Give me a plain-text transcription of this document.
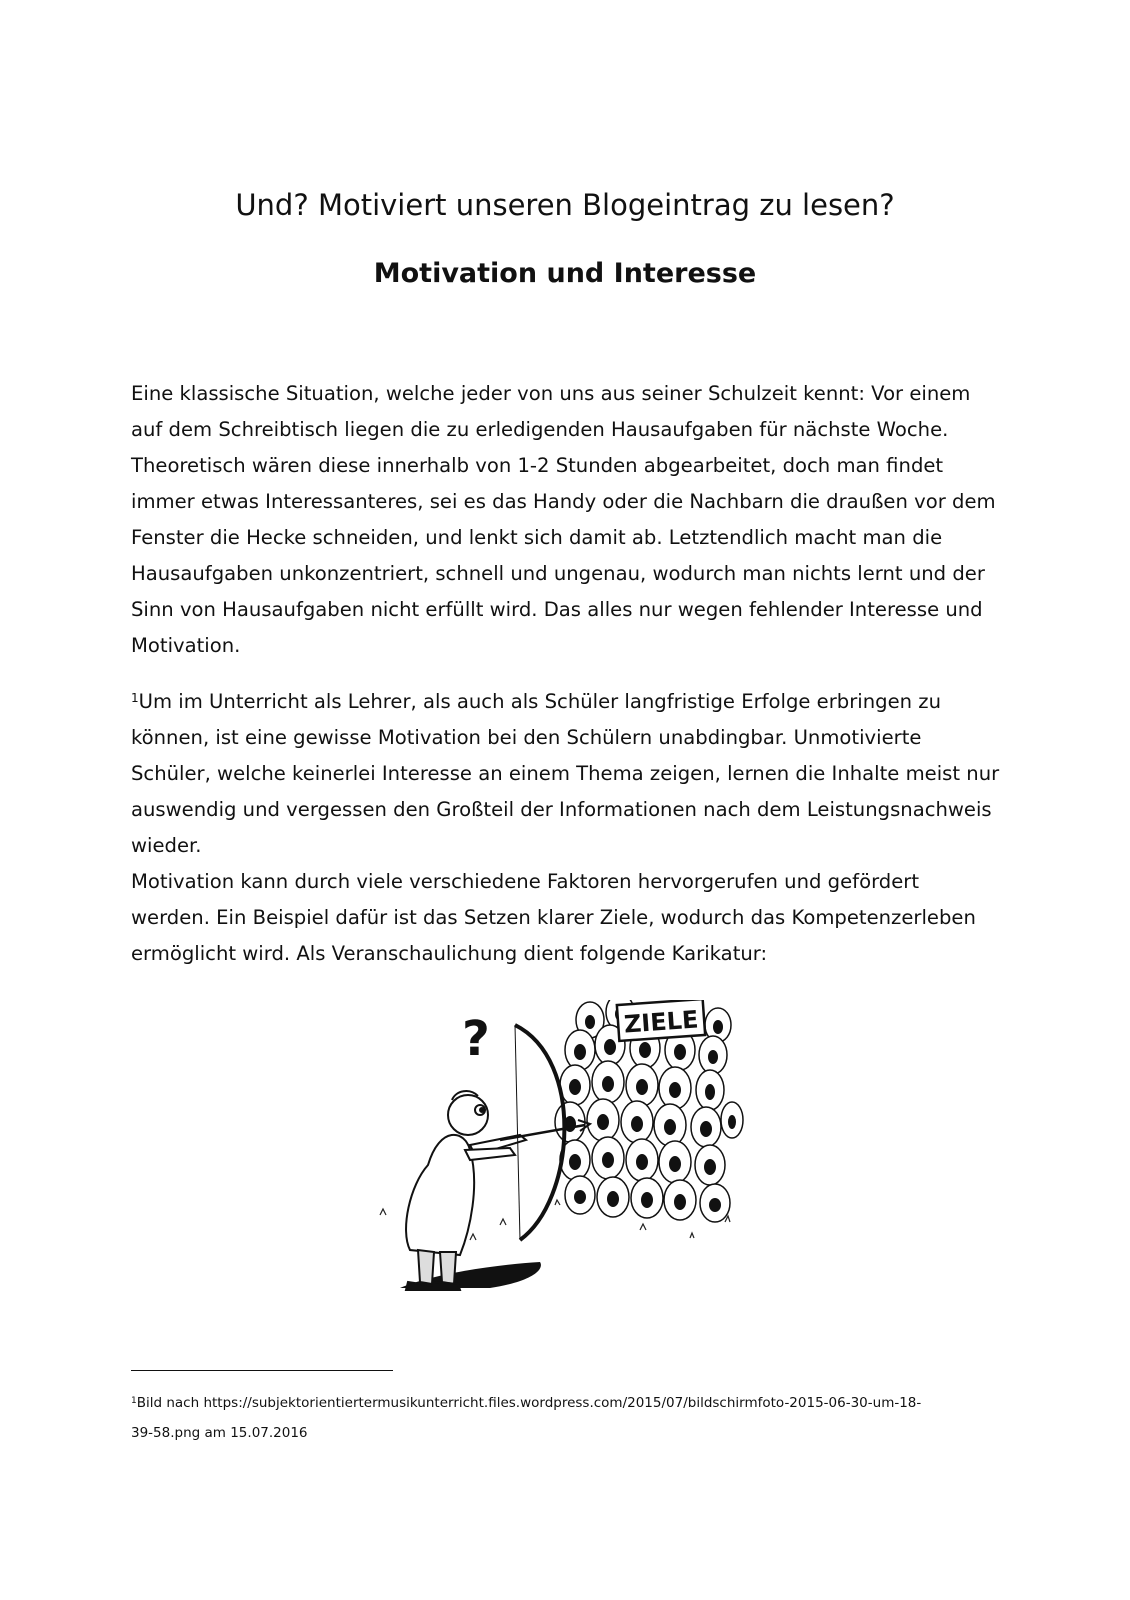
Und? Motiviert unseren Blogeintrag zu lesen?
Motivation und Interesse

Eine klassische Situation, welche jeder von uns aus seiner Schulzeit kennt: Vor einem auf dem Schreibtisch liegen die zu erledigenden Hausaufgaben für nächste Woche. Theoretisch wären diese innerhalb von 1-2 Stunden abgearbeitet, doch man findet immer etwas Interessanteres, sei es das Handy oder die Nachbarn die draußen vor dem Fenster die Hecke schneiden, und lenkt sich damit ab. Letztendlich macht man die Hausaufgaben unkonzentriert, schnell und ungenau, wodurch man nichts lernt und der Sinn von Hausaufgaben nicht erfüllt wird. Das alles nur wegen fehlender Interesse und Motivation.

$^1$Um im Unterricht als Lehrer, als auch als Schüler langfristige Erfolge erbringen zu können, ist eine gewisse Motivation bei den Schülern unabdingbar. Unmotivierte Schüler, welche keinerlei Interesse an einem Thema zeigen, lernen die Inhalte meist nur auswendig und vergessen den Großteil der Informationen nach dem Leistungsnachweis wieder.

Motivation kann durch viele verschiedene Faktoren hervorgerufen und gefördert werden. Ein Beispiel dafür ist das Setzen klarer Ziele, wodurch das Kompetenzerleben ermöglicht wird. Als Veranschaulichung dient folgende Karikatur:

ZIELE
?

$^1$Bild nach https://subjektorientiertermusikunterricht.files.wordpress.com/2015/07/bildschirmfoto-2015-06-30-um-18-39-58.png am 15.07.2016
